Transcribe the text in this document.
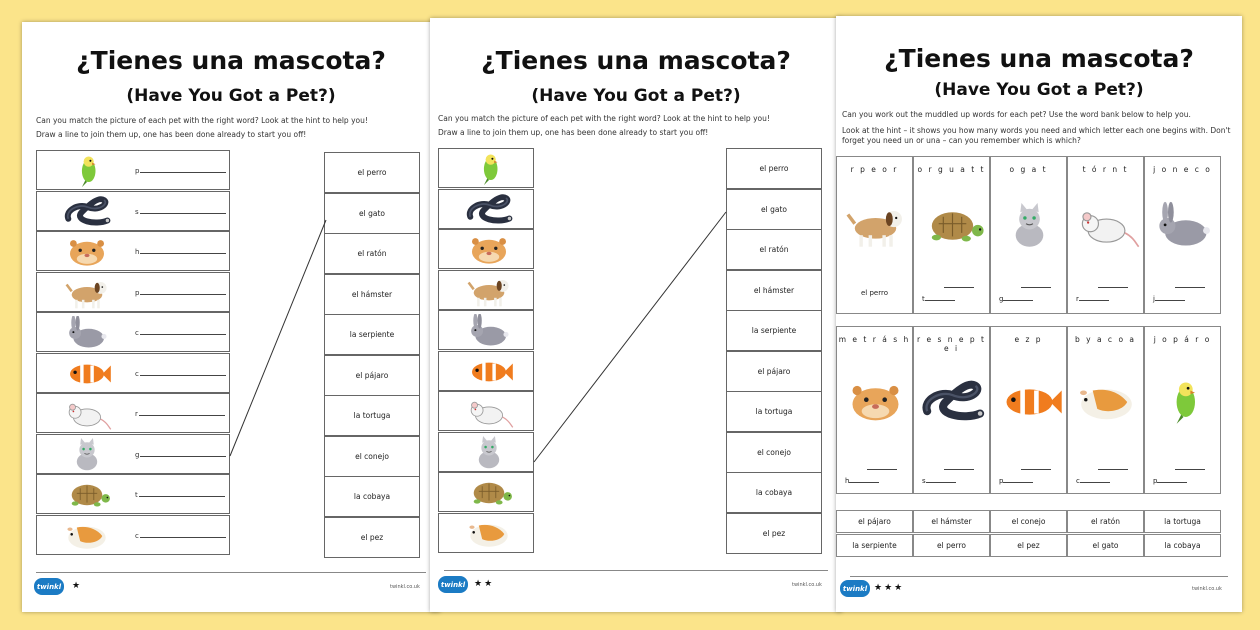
¿Tienes una mascota?
(Have You Got a Pet?)
Can you match the picture of each pet with the right word? Look at the hint to help you!
Draw a line to join them up, one has been done already to start you off!
p
s
h
p
c
c
r
g
t
c
el perro
el gato
el ratón
el hámster
la serpiente
el pájaro
la tortuga
el conejo
la cobaya
el pez
twinkl	★	twinkl.co.uk
¿Tienes una mascota?
(Have You Got a Pet?)
Can you match the picture of each pet with the right word? Look at the hint to help you!
Draw a line to join them up, one has been done already to start you off!
el perro
el gato
el ratón
el hámster
la serpiente
el pájaro
la tortuga
el conejo
la cobaya
el pez
twinkl ★★	twinkl.co.uk
¿Tienes una mascota?
(Have You Got a Pet?)
Can you work out the muddled up words for each pet? Use the word bank below to help you.
Look at the hint – it shows you how many words you need and which letter each one begins with. Don't
forget you need un or una – can you remember which is which?
r p e o r
el perro
o r g u a t t
t
o g a t
g
t ó r n t
r
j o n e c o
j
m e t r á s h
h
r e s n e p t e i
s
e z p
p
b y a c o a
c
j o p á r o
p
el pájaro	el hámster	el conejo	el ratón	la tortuga
la serpiente	el perro	el pez	el gato	la cobaya
twinkl ★★★	twinkl.co.uk
